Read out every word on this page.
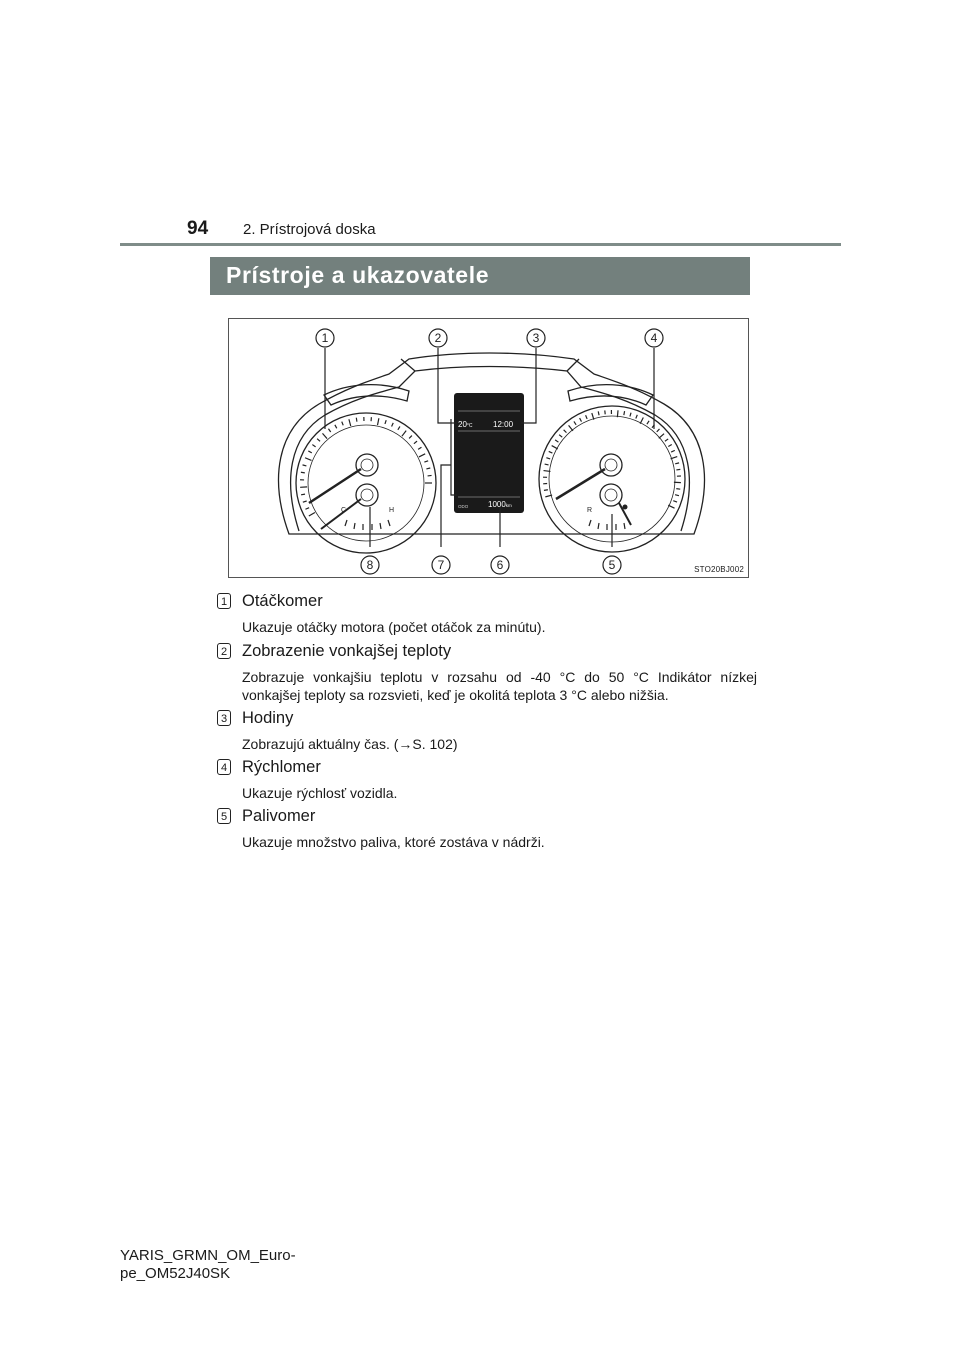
94 2. Prístrojová doska
Prístroje a ukazovatele
C	H	R
20°C	12:00
ODO 1000km
1	2	3	4
5
6
7
8	STO20BJ002
1 Otáčkomer
Ukazuje otáčky motora (počet otáčok za minútu).
2 Zobrazenie vonkajšej teploty
Zobrazuje vonkajšiu teplotu v rozsahu od -40 °C do 50 °C Indikátor nízkej vonkajšej teploty sa rozsvieti, keď je okolitá teplota 3 °C alebo nižšia.
3 Hodiny
Zobrazujú aktuálny čas. (→S. 102)
4 Rýchlomer
Ukazuje rýchlosť vozidla.
5 Palivomer
Ukazuje množstvo paliva, ktoré zostáva v nádrži.
YARIS_GRMN_OM_Euro-
pe_OM52J40SK
